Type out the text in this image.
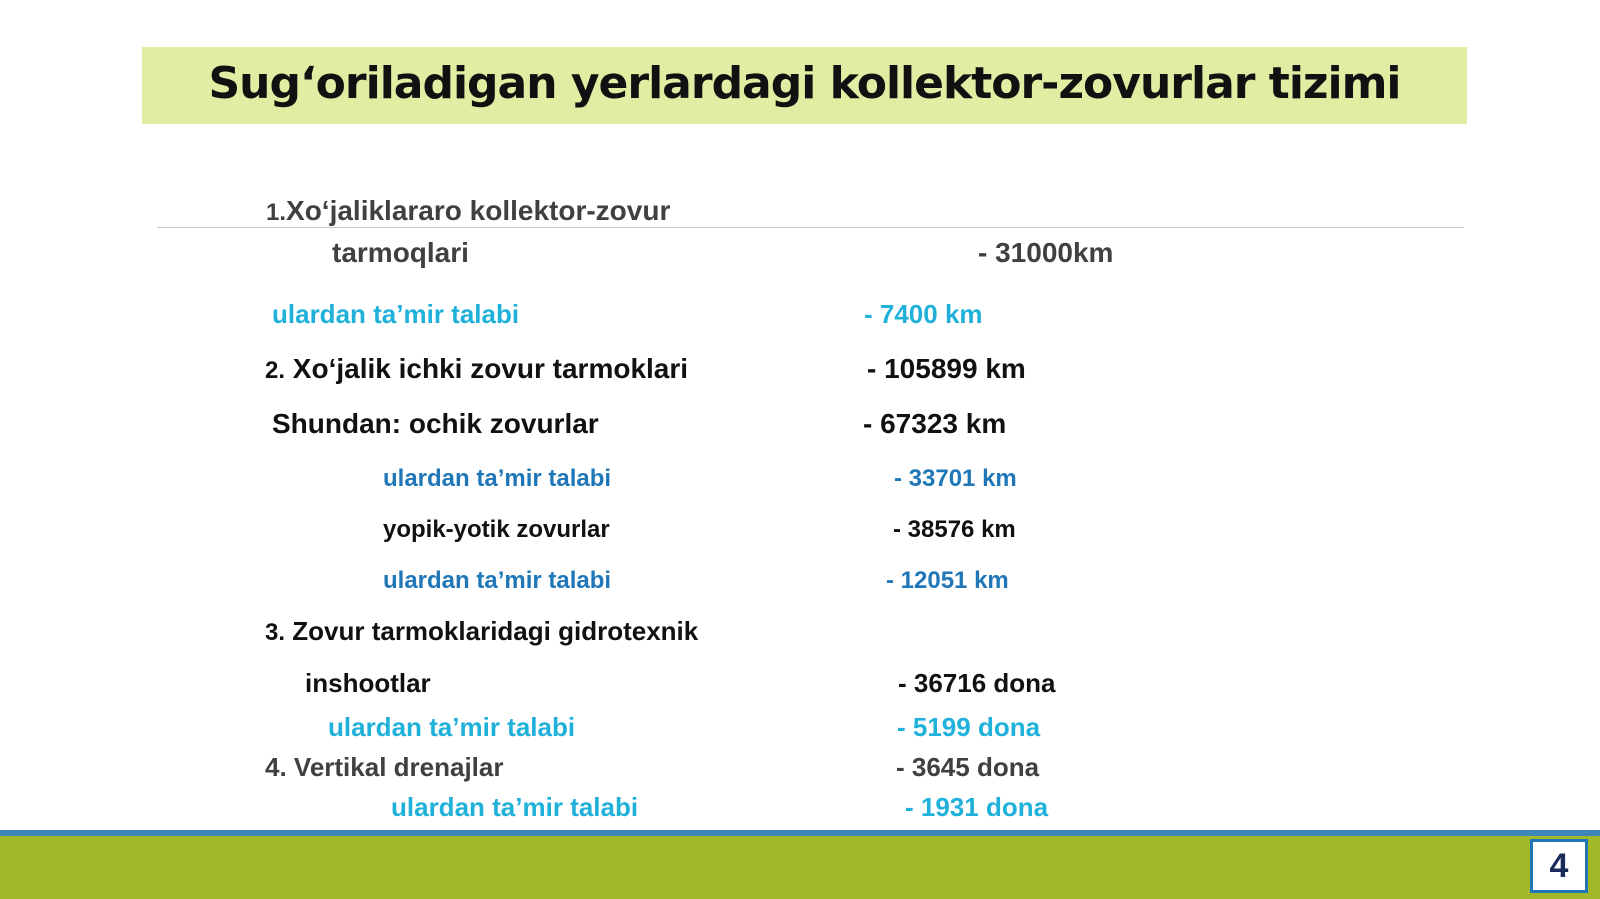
Sug‘oriladigan yerlardagi kollektor-zovurlar tizimi
1.Xo‘jaliklararo kollektor-zovur
tarmoqlari	- 31000km
ulardan ta’mir talabi	- 7400 km
2. Xo‘jalik ichki zovur tarmoklari	- 105899 km
Shundan: ochik zovurlar	- 67323 km
ulardan ta’mir talabi	- 33701 km
yopik-yotik zovurlar	- 38576 km
ulardan ta’mir talabi	- 12051 km
3. Zovur tarmoklaridagi gidrotexnik
inshootlar	- 36716 dona
ulardan ta’mir talabi	- 5199 dona
4. Vertikal drenajlar	- 3645 dona
ulardan ta’mir talabi	- 1931 dona
4
